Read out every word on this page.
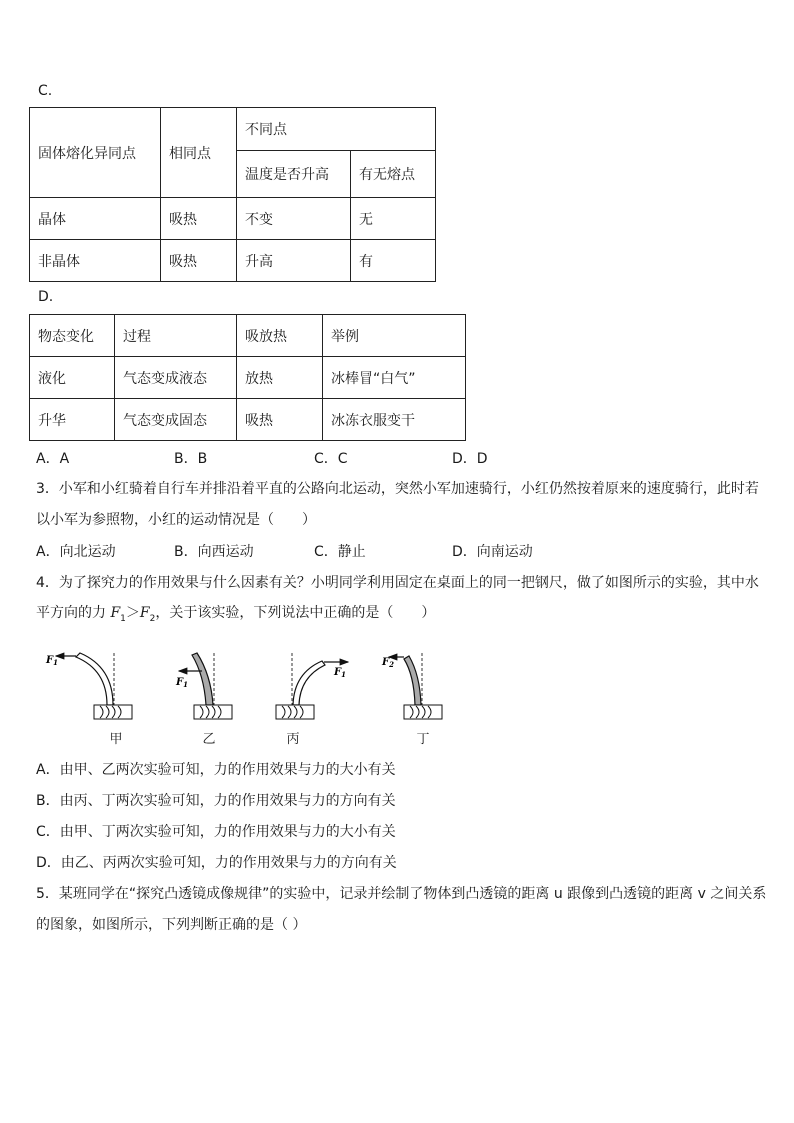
C.
固体熔化异同点	相同点	不同点	
		温度是否升高	有无熔点
晶体	吸热	不变	无
非晶体	吸热	升高	有
D.
物态变化	过程	吸放热	举例
液化	气态变成液态	放热	冰棒冒“白气”
升华	气态变成固态	吸热	冰冻衣服变干
A．A	B．B	C．C	D．D
3．小军和小红骑着自行车并排沿着平直的公路向北运动，突然小军加速骑行，小红仍然按着原来的速度骑行，此时若
以小军为参照物，小红的运动情况是（　　）
A．向北运动	B．向西运动	C．静止	D．向南运动
4．为了探究力的作用效果与什么因素有关？小明同学利用固定在桌面上的同一把钢尺，做了如图所示的实验，其中水
平方向的力 $F_1>F_2$，关于该实验，下列说法中正确的是（　　）
$F_1$
$F_1$
$F_1$
$F_2$
甲	乙	丙	丁
A．由甲、乙两次实验可知，力的作用效果与力的大小有关
B．由丙、丁两次实验可知，力的作用效果与力的方向有关
C．由甲、丁两次实验可知，力的作用效果与力的大小有关
D．由乙、丙两次实验可知，力的作用效果与力的方向有关
5．某班同学在“探究凸透镜成像规律”的实验中，记录并绘制了物体到凸透镜的距离 u 跟像到凸透镜的距离 v 之间关系
的图象，如图所示，下列判断正确的是（ ）
